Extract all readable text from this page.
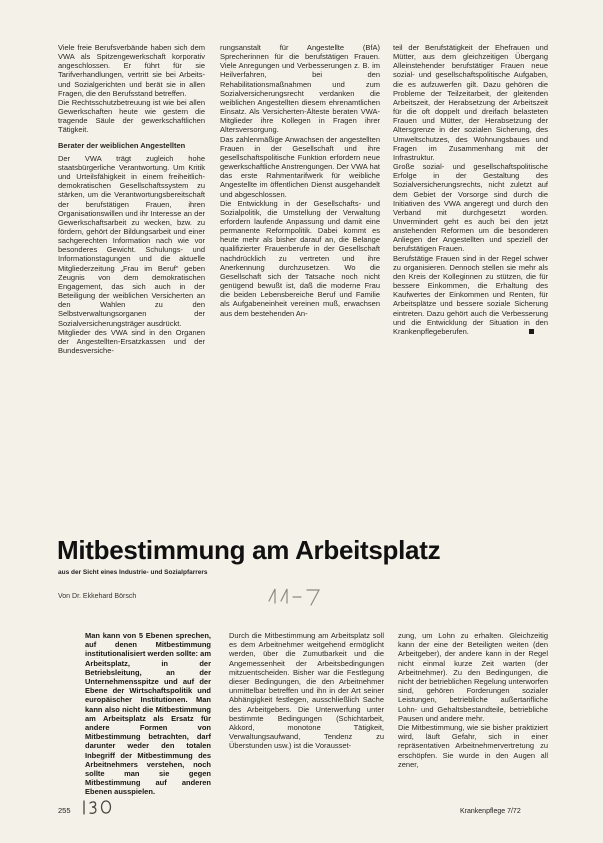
Viele freie Berufsverbände haben sich dem VWA als Spitzengewerkschaft korporativ angeschlossen. Er führt für sie Tarifverhandlungen, vertritt sie bei Arbeits- und Sozialgerichten und berät sie in allen Fragen, die den Berufsstand betreffen.
Die Rechtsschutzbetreuung ist wie bei allen Gewerkschaften heute wie gestern die tragende Säule der gewerkschaftlichen Tätigkeit.

Berater der weiblichen Angestellten

Der VWA trägt zugleich hohe staatsbürgerliche Verantwortung. Um Kritik und Urteilsfähigkeit in einem freiheitlich-demokratischen Gesellschaftssystem zu stärken, um die Verantwortungsbereitschaft der berufstätigen Frauen, ihren Organisationswillen und ihr Interesse an der Gewerkschaftsarbeit zu wecken, bzw. zu fördern, gehört der Bildungsarbeit und einer sachgerechten Information nach wie vor besonderes Gewicht. Schulungs- und Informationstagungen und die aktuelle Mitgliederzeitung „Frau im Beruf“ geben Zeugnis von dem demokratischen Engagement, das sich auch in der Beteiligung der weiblichen Versicherten an den Wahlen zu den Selbstverwaltungsorganen der Sozialversicherungsträger ausdrückt.
Mitglieder des VWA sind in den Organen der Angestellten-Ersatzkassen und der Bundesversiche-

rungsanstalt für Angestellte (BfA) Sprecherinnen für die berufstätigen Frauen. Viele Anregungen und Verbesserungen z. B. im Heilverfahren, bei den Rehabilitationsmaßnahmen und zum Sozialversicherungsrecht verdanken die weiblichen Angestellten diesem ehrenamtlichen Einsatz. Als Versicherten-Älteste beraten VWA-Mitglieder ihre Kollegen in Fragen ihrer Altersversorgung.
Das zahlenmäßige Anwachsen der angestellten Frauen in der Gesellschaft und ihre gesellschaftspolitische Funktion erfordern neue gewerkschaftliche Anstrengungen. Der VWA hat das erste Rahmentarifwerk für weibliche Angestellte im öffentlichen Dienst ausgehandelt und abgeschlossen.
Die Entwicklung in der Gesellschafts- und Sozialpolitik, die Umstellung der Verwaltung erfordern laufende Anpassung und damit eine permanente Reformpolitik. Dabei kommt es heute mehr als bisher darauf an, die Belange qualifizierter Frauenberufe in der Gesellschaft nachdrücklich zu vertreten und ihre Anerkennung durchzusetzen. Wo die Gesellschaft sich der Tatsache noch nicht genügend bewußt ist, daß die moderne Frau die beiden Lebensbereiche Beruf und Familie als Aufgabeneinheit vereinen muß, erwachsen aus dem bestehenden An-

teil der Berufstätigkeit der Ehefrauen und Mütter, aus dem gleichzeitigen Übergang Alleinstehender berufstätiger Frauen neue sozial- und gesellschaftspolitische Aufgaben, die es aufzuwerfen gilt. Dazu gehören die Probleme der Teilzeitarbeit, der gleitenden Arbeitszeit, der Herabsetzung der Arbeitszeit für die oft doppelt und dreifach belasteten Frauen und Mütter, der Herabsetzung der Altersgrenze in der sozialen Sicherung, des Umweltschutzes, des Wohnungsbaues und Fragen im Zusammenhang mit der Infrastruktur.
Große sozial- und gesellschaftspolitische Erfolge in der Gestaltung des Sozialversicherungsrechts, nicht zuletzt auf dem Gebiet der Vorsorge sind durch die Initiativen des VWA angeregt und durch den Verband mit durchgesetzt worden. Unvermindert geht es auch bei den jetzt anstehenden Reformen um die besonderen Anliegen der Angestellten und speziell der berufstätigen Frauen.
Berufstätige Frauen sind in der Regel schwer zu organisieren. Dennoch stellen sie mehr als den Kreis der Kolleginnen zu stützen, die für bessere Einkommen, die Erhaltung des Kaufwertes der Einkommen und Renten, für Arbeitsplätze und bessere soziale Sicherung eintreten. Dazu gehört auch die Verbesserung und die Entwicklung der Situation in den Krankenpflegeberufen.

Mitbestimmung am Arbeitsplatz
aus der Sicht eines Industrie- und Sozialpfarrers
Von Dr. Ekkehard Börsch
Man kann von 5 Ebenen sprechen, auf denen Mitbestimmung institutionalisiert werden sollte: am Arbeitsplatz, in der Betriebsleitung, an der Unternehmensspitze und auf der Ebene der Wirtschaftspolitik und europäischer Institutionen. Man kann also nicht die Mitbestimmung am Arbeitsplatz als Ersatz für andere Formen von Mitbestimmung betrachten, darf darunter weder den totalen Inbegriff der Mitbestimmung des Arbeitnehmers verstehen, noch sollte man sie gegen Mitbestimmung auf anderen Ebenen ausspielen.
Durch die Mitbestimmung am Arbeitsplatz soll es dem Arbeitnehmer weitgehend ermöglicht werden, über die Zumutbarkeit und die Angemessenheit der Arbeitsbedingungen mitzuentscheiden. Bisher war die Festlegung dieser Bedingungen, die den Arbeitnehmer unmittelbar betreffen und ihn in der Art seiner Abhängigkeit festlegen, ausschließlich Sache des Arbeitgebers. Die Unterwerfung unter bestimmte Bedingungen (Schichtarbeit, Akkord, monotone Tätigkeit, Verwaltungsaufwand, Tendenz zu Überstunden usw.) ist die Vorausset-
zung, um Lohn zu erhalten. Gleichzeitig kann der eine der Beteiligten weiten (den Arbeitgeber), der andere kann in der Regel nicht einmal kurze Zeit warten (der Arbeitnehmer). Zu den Bedingungen, die nicht der betrieblichen Regelung unterworfen sind, gehören Forderungen sozialer Leistungen, betriebliche außertarifliche Lohn- und Gehaltsbestandteile, betriebliche Pausen und andere mehr.
Die Mitbestimmung, wie sie bisher praktiziert wird, läuft Gefahr, sich in einer repräsentativen Arbeitnehmervertretung zu erschöpfen. Sie wurde in den Augen all zener,
255	Krankenpflege 7/72
